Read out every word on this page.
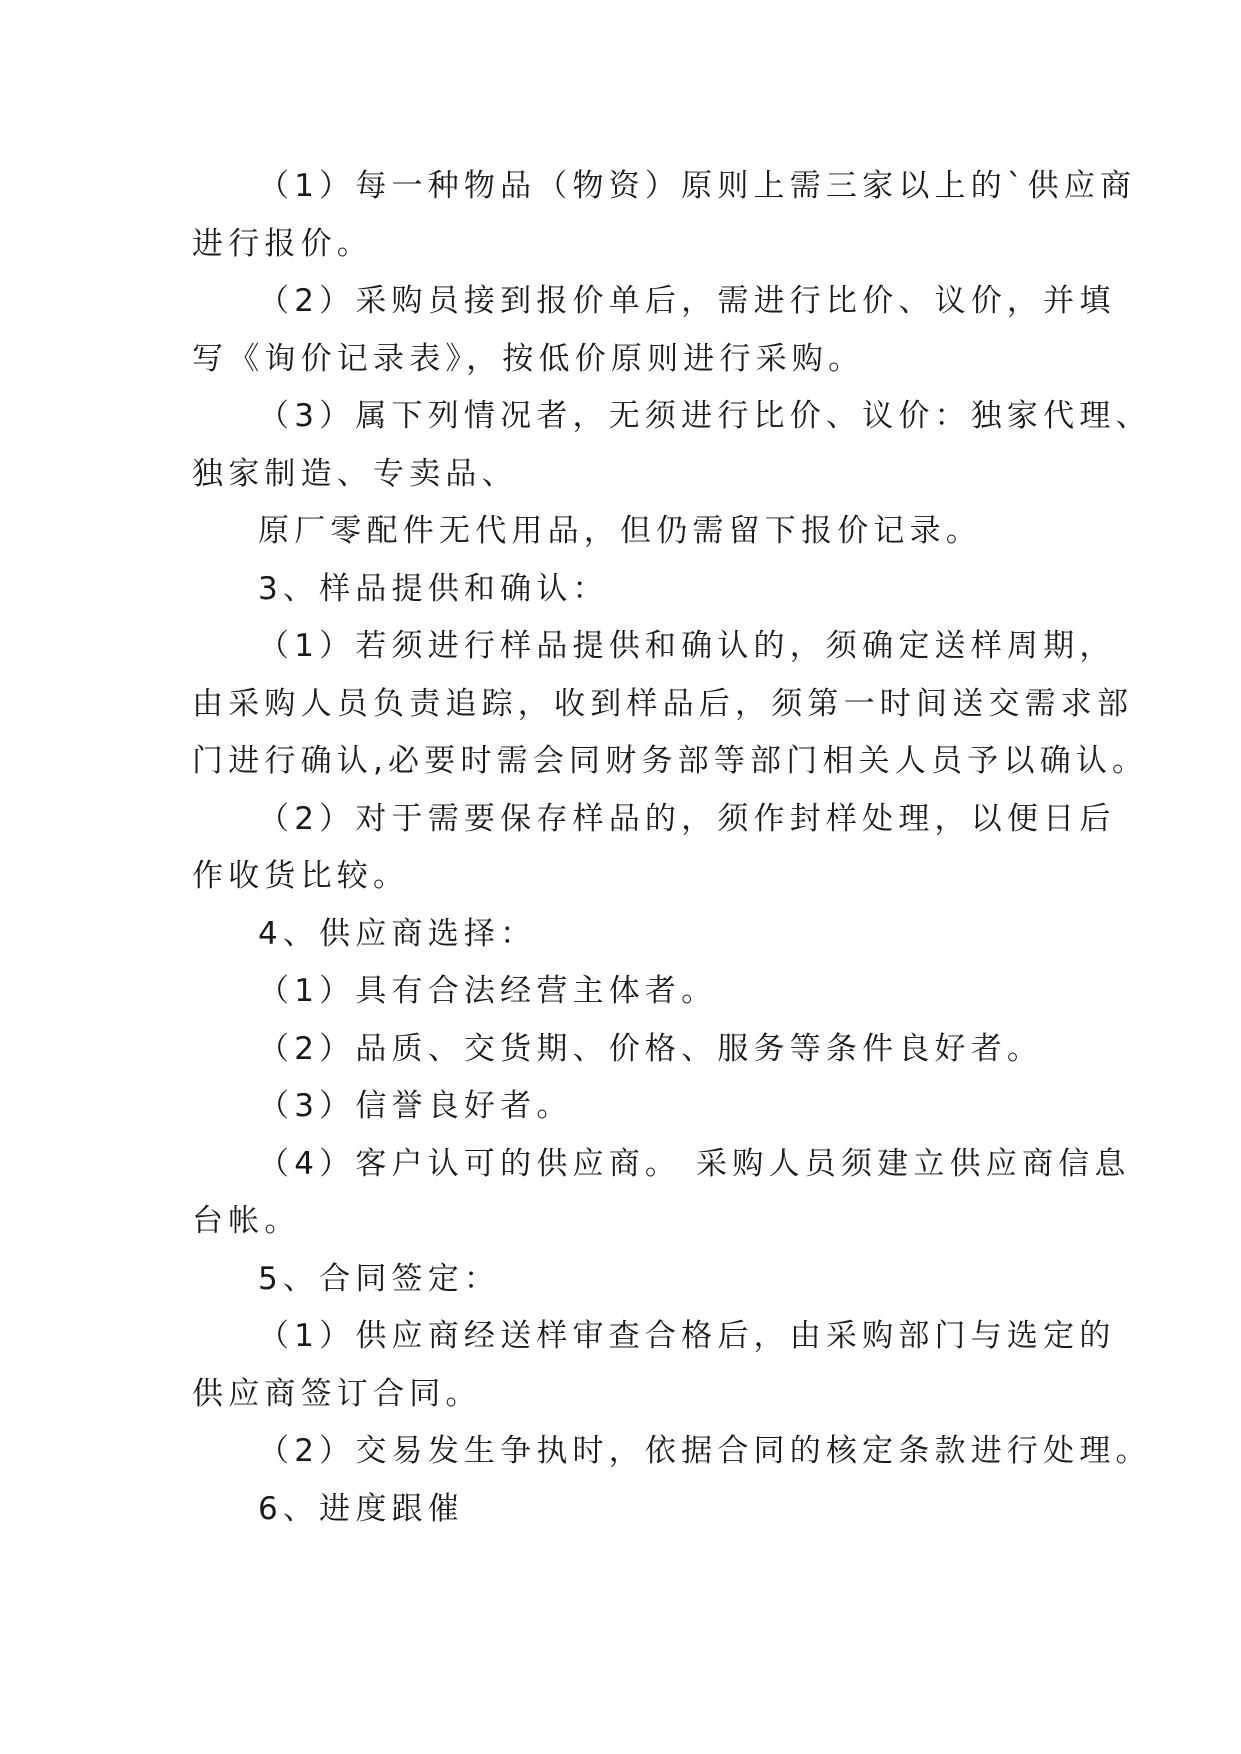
（1）每一种物品（物资）原则上需三家以上的`供应商
进行报价。
（2）采购员接到报价单后，需进行比价、议价，并填
写《询价记录表》，按低价原则进行采购。
（3）属下列情况者，无须进行比价、议价：独家代理、
独家制造、专卖品、
原厂零配件无代用品，但仍需留下报价记录。
3、样品提供和确认：
（1）若须进行样品提供和确认的，须确定送样周期，
由采购人员负责追踪，收到样品后，须第一时间送交需求部
门进行确认,必要时需会同财务部等部门相关人员予以确认。
（2）对于需要保存样品的，须作封样处理，以便日后
作收货比较。
4、供应商选择：
（1）具有合法经营主体者。
（2）品质、交货期、价格、服务等条件良好者。
（3）信誉良好者。
（4）客户认可的供应商。 采购人员须建立供应商信息
台帐。
5、合同签定：
（1）供应商经送样审查合格后，由采购部门与选定的
供应商签订合同。
（2）交易发生争执时，依据合同的核定条款进行处理。
6、进度跟催
